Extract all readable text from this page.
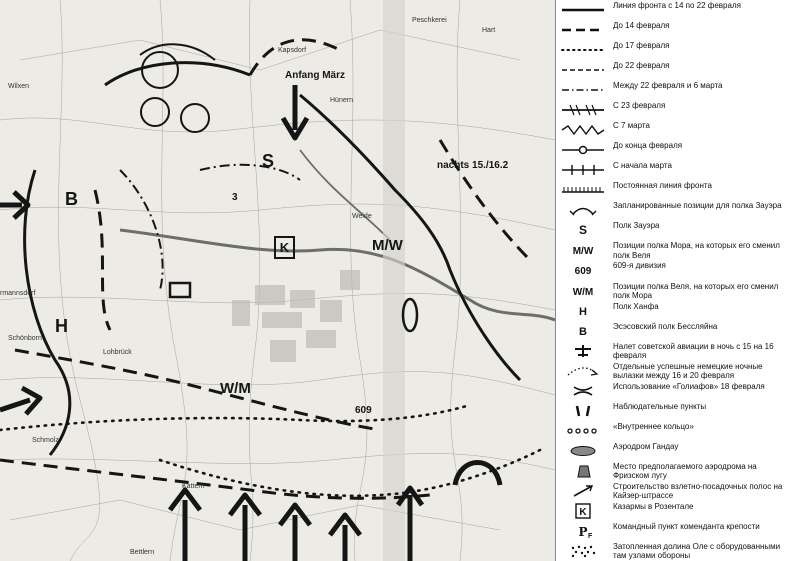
K
B
H
S
M/W
W/M
609
3
Anfang März
nachts 15./16.2
Kapsdorf
Hünern
Weide
Peschkerei
Hart
Lohbrück
Schmolz
Kattern
Bettlern
rmannsdorf
Wilxen
Schönborn
Линия фронта с 14 по 22 февраля
До 14 февраля
До 17 февраля
До 22 февраля
Между 22 февраля и 6 марта
С 23 февраля
С 7 марта
До конца февраля
С начала марта
Постоянная линия фронта
Запланированные позиции для полка Зауэра
S	Полк Зауэра
M/W
Позиции полка Мора, на которых его сменил полк Веля
609
609-я дивизия
W/M
Позиции полка Веля, на которых его сменил полк Мора
H	Полк Ханфа
B	Эсэсовский полк Бессляйна
Налет советской авиации в ночь с 15 на 16 февраля
Отдельные успешные немецкие ночные вылазки между 16 и 20 февраля
Использование «Голиафов» 18 февраля
Наблюдательные пункты
«Внутреннее кольцо»
Аэродром Гандау
Место предполагаемого аэродрома на Фризском лугу
Строительство взлетно-посадочных полос на Кайзер-штрассе
K
Казармы в Розентале
P F
Командный пункт коменданта крепости
Затопленная долина Оле с оборудованными там узлами обороны
